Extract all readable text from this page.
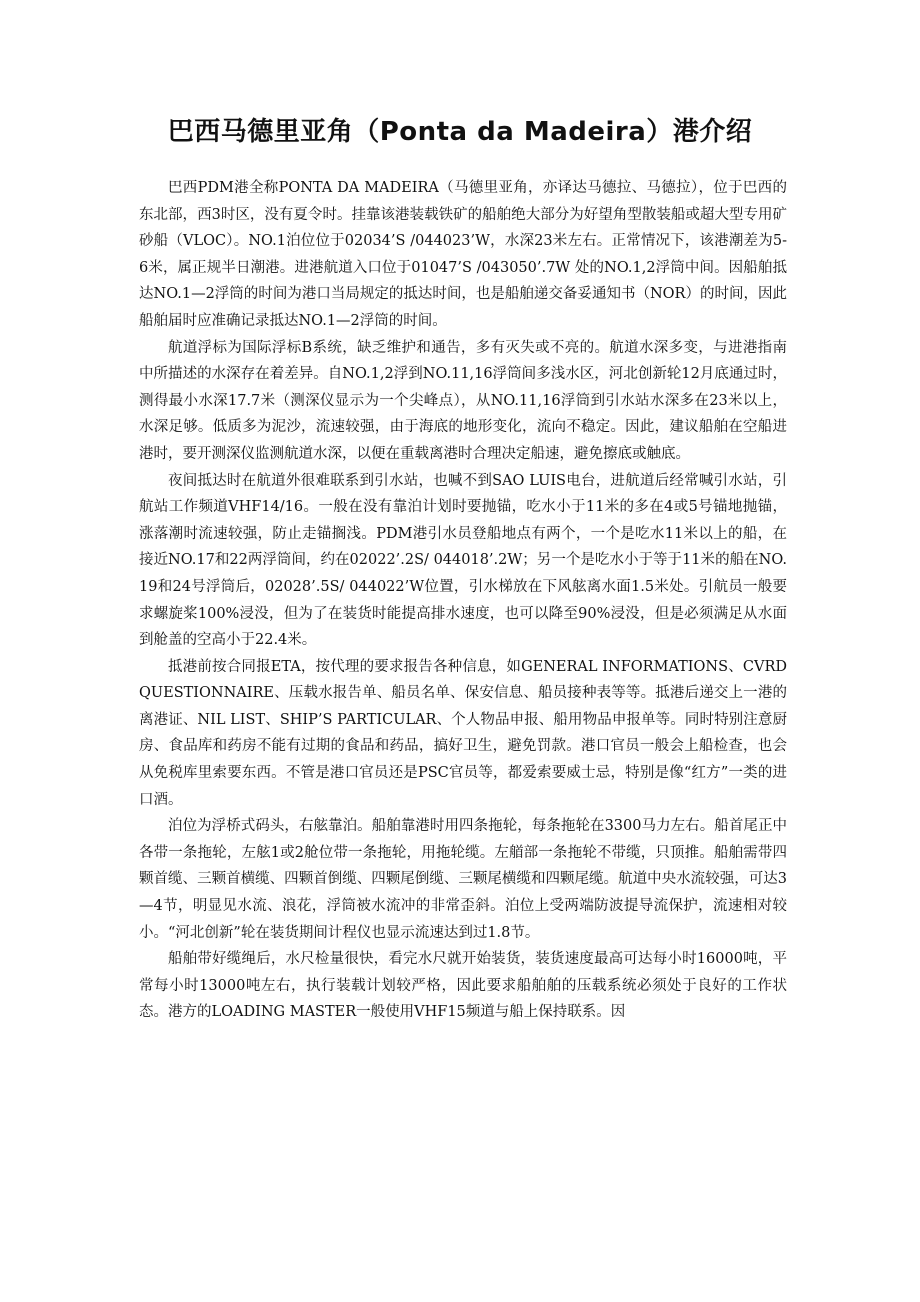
巴西马德里亚角（Ponta da Madeira）港介绍

巴西PDM港全称PONTA DA MADEIRA（马德里亚角，亦译达马德拉、马德拉），位于巴西的东北部，西3时区，没有夏令时。挂靠该港装载铁矿的船舶绝大部分为好望角型散装船或超大型专用矿砂船（VLOC）。NO.1泊位位于02034’S /044023’W，水深23米左右。正常情况下，该港潮差为5-6米，属正规半日潮港。进港航道入口位于01047’S /043050’.7W 处的NO.1,2浮筒中间。因船舶抵达NO.1—2浮筒的时间为港口当局规定的抵达时间，也是船舶递交备妥通知书（NOR）的时间，因此船舶届时应准确记录抵达NO.1—2浮筒的时间。

航道浮标为国际浮标B系统，缺乏维护和通告，多有灭失或不亮的。航道水深多变，与进港指南中所描述的水深存在着差异。自NO.1,2浮到NO.11,16浮筒间多浅水区，河北创新轮12月底通过时，测得最小水深17.7米（测深仪显示为一个尖峰点），从NO.11,16浮筒到引水站水深多在23米以上，水深足够。低质多为泥沙，流速较强，由于海底的地形变化，流向不稳定。因此，建议船舶在空船进港时，要开测深仪监测航道水深，以便在重载离港时合理决定船速，避免擦底或触底。

夜间抵达时在航道外很难联系到引水站，也喊不到SAO LUIS电台，进航道后经常喊引水站，引航站工作频道VHF14/16。一般在没有靠泊计划时要抛锚，吃水小于11米的多在4或5号锚地抛锚，涨落潮时流速较强，防止走锚搁浅。PDM港引水员登船地点有两个，一个是吃水11米以上的船，在接近NO.17和22两浮筒间，约在02022’.2S/ 044018’.2W；另一个是吃水小于等于11米的船在NO.19和24号浮筒后，02028’.5S/ 044022’W位置，引水梯放在下风舷离水面1.5米处。引航员一般要求螺旋桨100%浸没，但为了在装货时能提高排水速度，也可以降至90%浸没，但是必须满足从水面到舱盖的空高小于22.4米。

抵港前按合同报ETA，按代理的要求报告各种信息，如GENERAL INFORMATIONS、CVRD QUESTIONNAIRE、压载水报告单、船员名单、保安信息、船员接种表等等。抵港后递交上一港的离港证、NIL LIST、SHIP’S PARTICULAR、个人物品申报、船用物品申报单等。同时特别注意厨房、食品库和药房不能有过期的食品和药品，搞好卫生，避免罚款。港口官员一般会上船检查，也会从免税库里索要东西。不管是港口官员还是PSC官员等，都爱索要威士忌，特别是像“红方”一类的进口酒。

泊位为浮桥式码头，右舷靠泊。船舶靠港时用四条拖轮，每条拖轮在3300马力左右。船首尾正中各带一条拖轮，左舷1或2舱位带一条拖轮，用拖轮缆。左艏部一条拖轮不带缆，只顶推。船舶需带四颗首缆、三颗首横缆、四颗首倒缆、四颗尾倒缆、三颗尾横缆和四颗尾缆。航道中央水流较强，可达3—4节，明显见水流、浪花，浮筒被水流冲的非常歪斜。泊位上受两端防波提导流保护，流速相对较小。“河北创新”轮在装货期间计程仪也显示流速达到过1.8节。

船舶带好缆绳后，水尺检量很快，看完水尺就开始装货，装货速度最高可达每小时16000吨，平常每小时13000吨左右，执行装载计划较严格，因此要求船舶舶的压载系统必须处于良好的工作状态。港方的LOADING MASTER一般使用VHF15频道与船上保持联系。因
